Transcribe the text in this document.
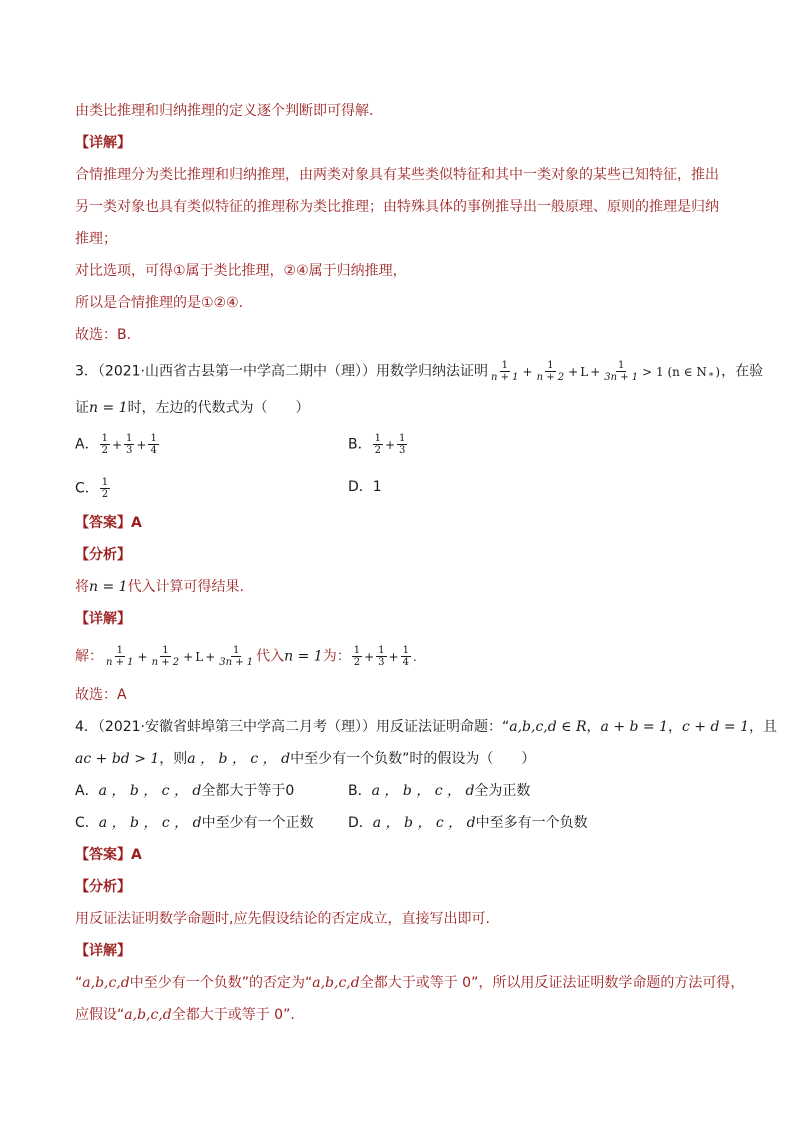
由类比推理和归纳推理的定义逐个判断即可得解.
【详解】
合情推理分为类比推理和归纳推理，由两类对象具有某些类似特征和其中一类对象的某些已知特征，推出
另一类对象也具有类似特征的推理称为类比推理；由特殊具体的事例推导出一般原理、原则的推理是归纳
推理；
对比选项，可得①属于类比推理，②④属于归纳推理，
所以是合情推理的是①②④.
故选：B.
3．（2021·山西省古县第一中学高二期中（理））用数学归纳法证明 $\frac{1}{n + 1} + \frac{1}{n + 2} + L + \frac{1}{3n + 1} > 1$ (n ∈ N $_*$ )，在验
证n = 1时，左边的代数式为（　　）
A． $\frac{1}{2} + \frac{1}{3} + \frac{1}{4}$	B． $\frac{1}{2} + \frac{1}{3}$
C． $\frac{1}{2}$	D．1
【答案】A
【分析】
将n = 1代入计算可得结果.
【详解】
解： $\frac{1}{n + 1} + \frac{1}{n + 2} + L + \frac{1}{3n + 1}$ 代入n = 1为： $\frac{1}{2} + \frac{1}{3} + \frac{1}{4}$ .
故选：A
4．（2021·安徽省蚌埠第三中学高二月考（理））用反证法证明命题：“a,b,c,d ∈ R，a + b = 1，c + d = 1，且
ac + bd > 1，则a ， b ， c ， d中至少有一个负数”时的假设为（　　）
A．a ， b ， c ， d全都大于等于0	B．a ， b ， c ， d全为正数
C．a ， b ， c ， d中至少有一个正数 D．a ， b ， c ， d中至多有一个负数
【答案】A
【分析】
用反证法证明数学命题时,应先假设结论的否定成立，直接写出即可.
【详解】
“a,b,c,d中至少有一个负数”的否定为“a,b,c,d全都大于或等于 0”，所以用反证法证明数学命题的方法可得，
应假设“a,b,c,d全都大于或等于 0”.
